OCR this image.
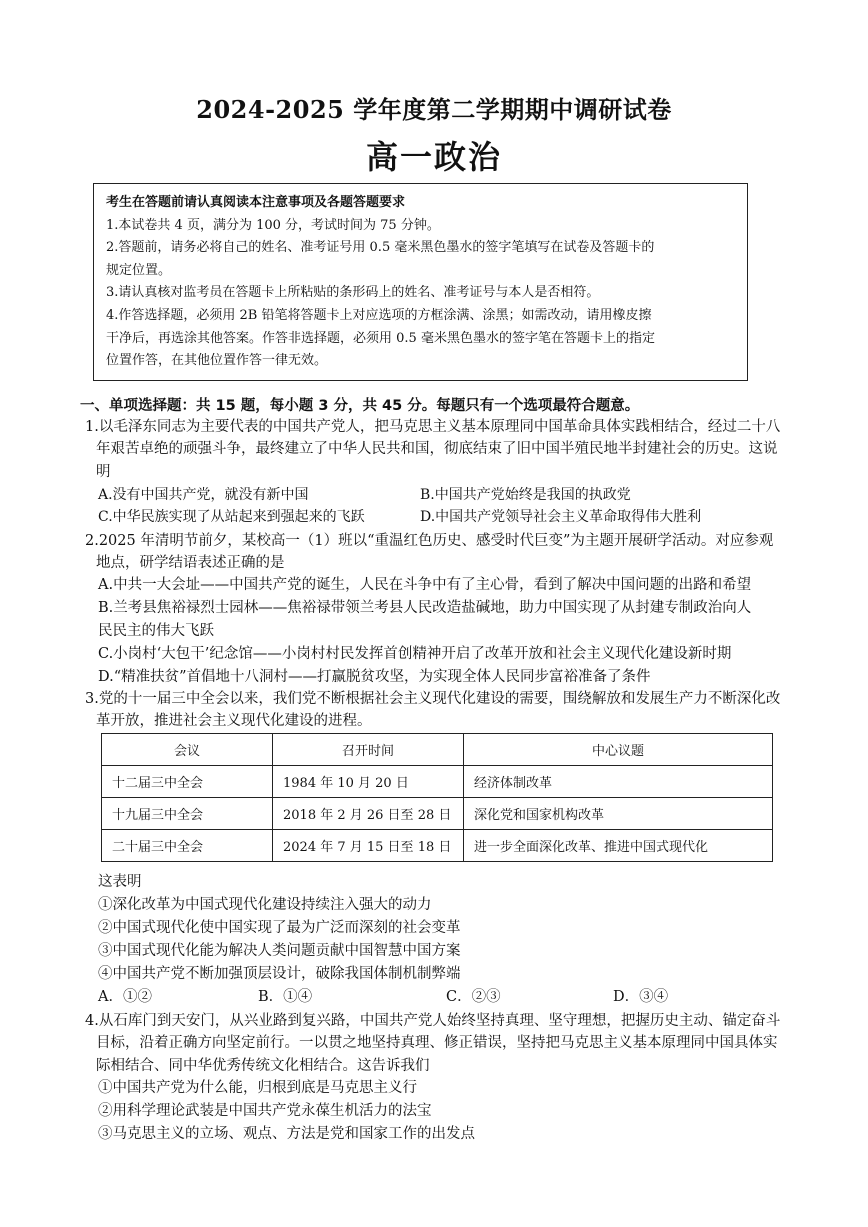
2024-2025 学年度第二学期期中调研试卷
高一政治
考生在答题前请认真阅读本注意事项及各题答题要求
1.本试卷共 4 页，满分为 100 分，考试时间为 75 分钟。
2.答题前，请务必将自己的姓名、准考证号用 0.5 毫米黑色墨水的签字笔填写在试卷及答题卡的
规定位置。
3.请认真核对监考员在答题卡上所粘贴的条形码上的姓名、准考证号与本人是否相符。
4.作答选择题，必须用 2B 铅笔将答题卡上对应选项的方框涂满、涂黑；如需改动，请用橡皮擦
干净后，再选涂其他答案。作答非选择题，必须用 0.5 毫米黑色墨水的签字笔在答题卡上的指定
位置作答，在其他位置作答一律无效。
一、单项选择题：共 15 题，每小题 3 分，共 45 分。每题只有一个选项最符合题意。
1.以毛泽东同志为主要代表的中国共产党人，把马克思主义基本原理同中国革命具体实践相结合，经过二十八年艰苦卓绝的顽强斗争，最终建立了中华人民共和国，彻底结束了旧中国半殖民地半封建社会的历史。这说明
A.没有中国共产党，就没有新中国	B.中国共产党始终是我国的执政党
C.中华民族实现了从站起来到强起来的飞跃	D.中国共产党领导社会主义革命取得伟大胜利
2.2025 年清明节前夕，某校高一（1）班以“重温红色历史、感受时代巨变”为主题开展研学活动。对应参观地点，研学结语表述正确的是
A.中共一大会址——中国共产党的诞生，人民在斗争中有了主心骨，看到了解决中国问题的出路和希望
B.兰考县焦裕禄烈士园林——焦裕禄带领兰考县人民改造盐碱地，助力中国实现了从封建专制政治向人
民民主的伟大飞跃
C.小岗村‘大包干’纪念馆——小岗村村民发挥首创精神开启了改革开放和社会主义现代化建设新时期
D.“精准扶贫”首倡地十八洞村——打赢脱贫攻坚，为实现全体人民同步富裕准备了条件
3.党的十一届三中全会以来，我们党不断根据社会主义现代化建设的需要，围绕解放和发展生产力不断深化改革开放，推进社会主义现代化建设的进程。
会议	召开时间	中心议题
十二届三中全会	1984 年 10 月 20 日	经济体制改革
十九届三中全会	2018 年 2 月 26 日至 28 日	深化党和国家机构改革
二十届三中全会	2024 年 7 月 15 日至 18 日	进一步全面深化改革、推进中国式现代化
这表明
①深化改革为中国式现代化建设持续注入强大的动力
②中国式现代化使中国实现了最为广泛而深刻的社会变革
③中国式现代化能为解决人类问题贡献中国智慧中国方案
④中国共产党不断加强顶层设计，破除我国体制机制弊端
A．①②	B．①④	C．②③	D．③④
4.从石库门到天安门，从兴业路到复兴路，中国共产党人始终坚持真理、坚守理想，把握历史主动、锚定奋斗目标，沿着正确方向坚定前行。一以贯之地坚持真理、修正错误，坚持把马克思主义基本原理同中国具体实际相结合、同中华优秀传统文化相结合。这告诉我们
①中国共产党为什么能，归根到底是马克思主义行
②用科学理论武装是中国共产党永葆生机活力的法宝
③马克思主义的立场、观点、方法是党和国家工作的出发点
